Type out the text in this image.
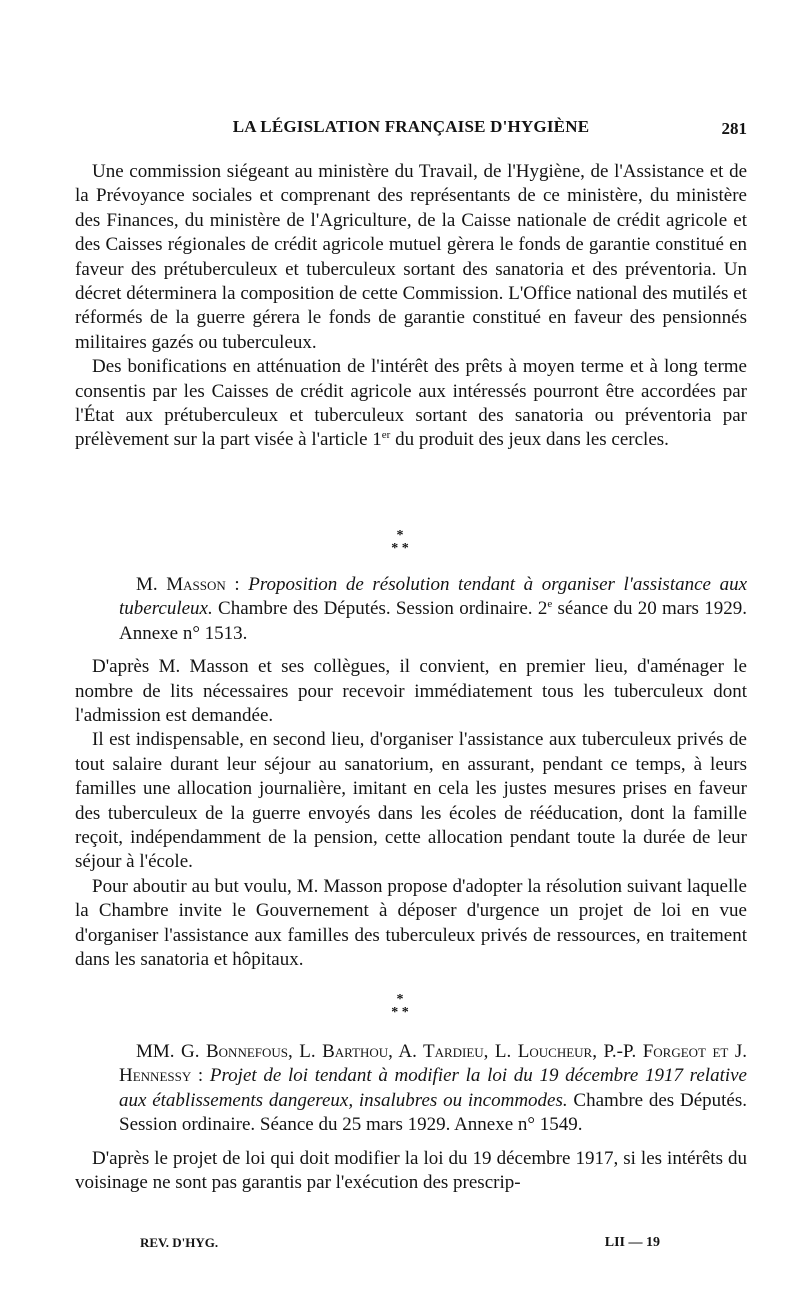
LA LÉGISLATION FRANÇAISE D'HYGIÈNE	281

Une commission siégeant au ministère du Travail, de l'Hygiène, de l'Assistance et de la Prévoyance sociales et comprenant des représentants de ce ministère, du ministère des Finances, du ministère de l'Agriculture, de la Caisse nationale de crédit agricole et des Caisses régionales de crédit agricole mutuel gèrera le fonds de garantie constitué en faveur des prétuberculeux et tuberculeux sortant des sanatoria et des préventoria. Un décret déterminera la composition de cette Commission. L'Office national des mutilés et réformés de la guerre gérera le fonds de garantie constitué en faveur des pensionnés militaires gazés ou tuberculeux.

Des bonifications en atténuation de l'intérêt des prêts à moyen terme et à long terme consentis par les Caisses de crédit agricole aux intéressés pourront être accordées par l'État aux prétuberculeux et tuberculeux sortant des sanatoria ou préventoria par prélèvement sur la part visée à l'article 1er du produit des jeux dans les cercles.

*
* *

M. Masson : Proposition de résolution tendant à organiser l'assistance aux tuberculeux. Chambre des Députés. Session ordinaire. 2e séance du 20 mars 1929. Annexe n° 1513.

D'après M. Masson et ses collègues, il convient, en premier lieu, d'aménager le nombre de lits nécessaires pour recevoir immédiatement tous les tuberculeux dont l'admission est demandée.

Il est indispensable, en second lieu, d'organiser l'assistance aux tuberculeux privés de tout salaire durant leur séjour au sanatorium, en assurant, pendant ce temps, à leurs familles une allocation journalière, imitant en cela les justes mesures prises en faveur des tuberculeux de la guerre envoyés dans les écoles de rééducation, dont la famille reçoit, indépendamment de la pension, cette allocation pendant toute la durée de leur séjour à l'école.

Pour aboutir au but voulu, M. Masson propose d'adopter la résolution suivant laquelle la Chambre invite le Gouvernement à déposer d'urgence un projet de loi en vue d'organiser l'assistance aux familles des tuberculeux privés de ressources, en traitement dans les sanatoria et hôpitaux.

*
* *

MM. G. Bonnefous, L. Barthou, A. Tardieu, L. Loucheur, P.-P. Forgeot et J. Hennessy : Projet de loi tendant à modifier la loi du 19 décembre 1917 relative aux établissements dangereux, insalubres ou incommodes. Chambre des Députés. Session ordinaire. Séance du 25 mars 1929. Annexe n° 1549.

D'après le projet de loi qui doit modifier la loi du 19 décembre 1917, si les intérêts du voisinage ne sont pas garantis par l'exécution des prescrip-

REV. D'HYG.	LII — 19
